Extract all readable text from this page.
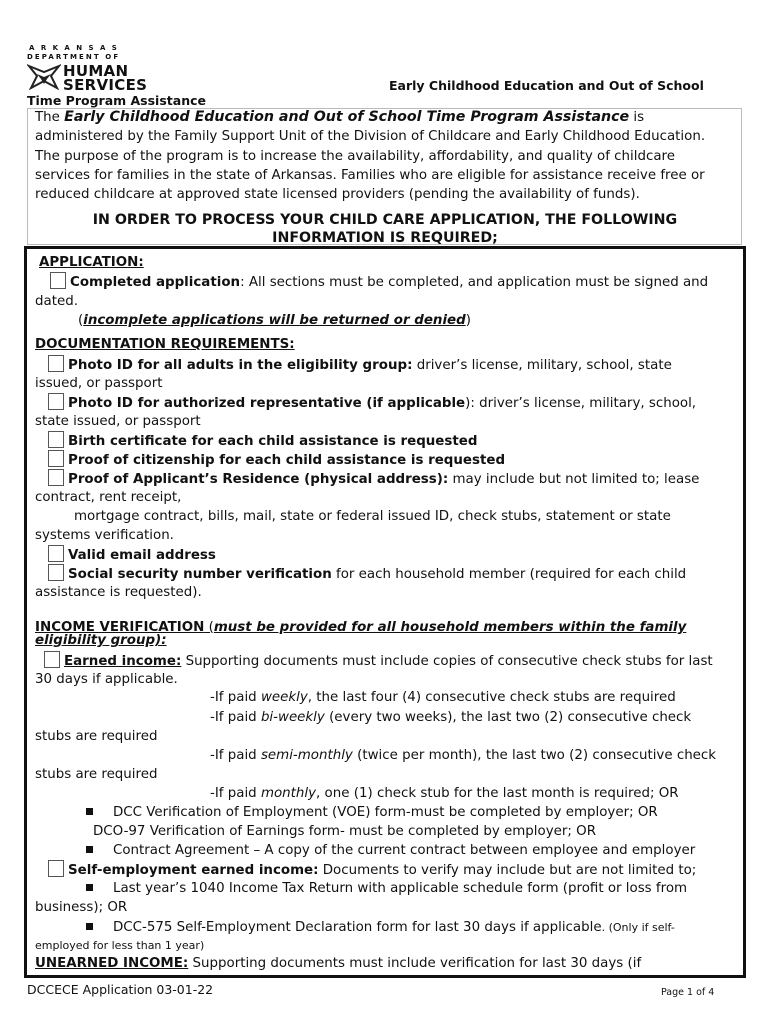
ARKANSAS
DEPARTMENT OF
HUMAN
SERVICES	Early Childhood Education and Out of School
Time Program Assistance
The Early Childhood Education and Out of School Time Program Assistance is
administered by the Family Support Unit of the Division of Childcare and Early Childhood Education.
The purpose of the program is to increase the availability, affordability, and quality of childcare
services for families in the state of Arkansas. Families who are eligible for assistance receive free or
reduced childcare at approved state licensed providers (pending the availability of funds).
IN ORDER TO PROCESS YOUR CHILD CARE APPLICATION, THE FOLLOWING
INFORMATION IS REQUIRED;
APPLICATION:
Completed application: All sections must be completed, and application must be signed and
dated.
(incomplete applications will be returned or denied)
DOCUMENTATION REQUIREMENTS:
Photo ID for all adults in the eligibility group: driver’s license, military, school, state
issued, or passport
Photo ID for authorized representative (if applicable): driver’s license, military, school,
state issued, or passport
Birth certificate for each child assistance is requested
Proof of citizenship for each child assistance is requested
Proof of Applicant’s Residence (physical address): may include but not limited to; lease
contract, rent receipt,
mortgage contract, bills, mail, state or federal issued ID, check stubs, statement or state
systems verification.
Valid email address
Social security number verification for each household member (required for each child
assistance is requested).
INCOME VERIFICATION (must be provided for all household members within the family
eligibility group):
Earned income: Supporting documents must include copies of consecutive check stubs for last
30 days if applicable.
-If paid weekly, the last four (4) consecutive check stubs are required
-If paid bi-weekly (every two weeks), the last two (2) consecutive check
stubs are required
-If paid semi-monthly (twice per month), the last two (2) consecutive check
stubs are required
-If paid monthly, one (1) check stub for the last month is required; OR
DCC Verification of Employment (VOE) form-must be completed by employer; OR
DCO-97 Verification of Earnings form- must be completed by employer; OR
Contract Agreement – A copy of the current contract between employee and employer
Self-employment earned income: Documents to verify may include but are not limited to;
Last year’s 1040 Income Tax Return with applicable schedule form (profit or loss from
business); OR
DCC-575 Self-Employment Declaration form for last 30 days if applicable. (Only if self-
employed for less than 1 year)
UNEARNED INCOME: Supporting documents must include verification for last 30 days (if
DCCECE Application 03-01-22	Page 1 of 4
